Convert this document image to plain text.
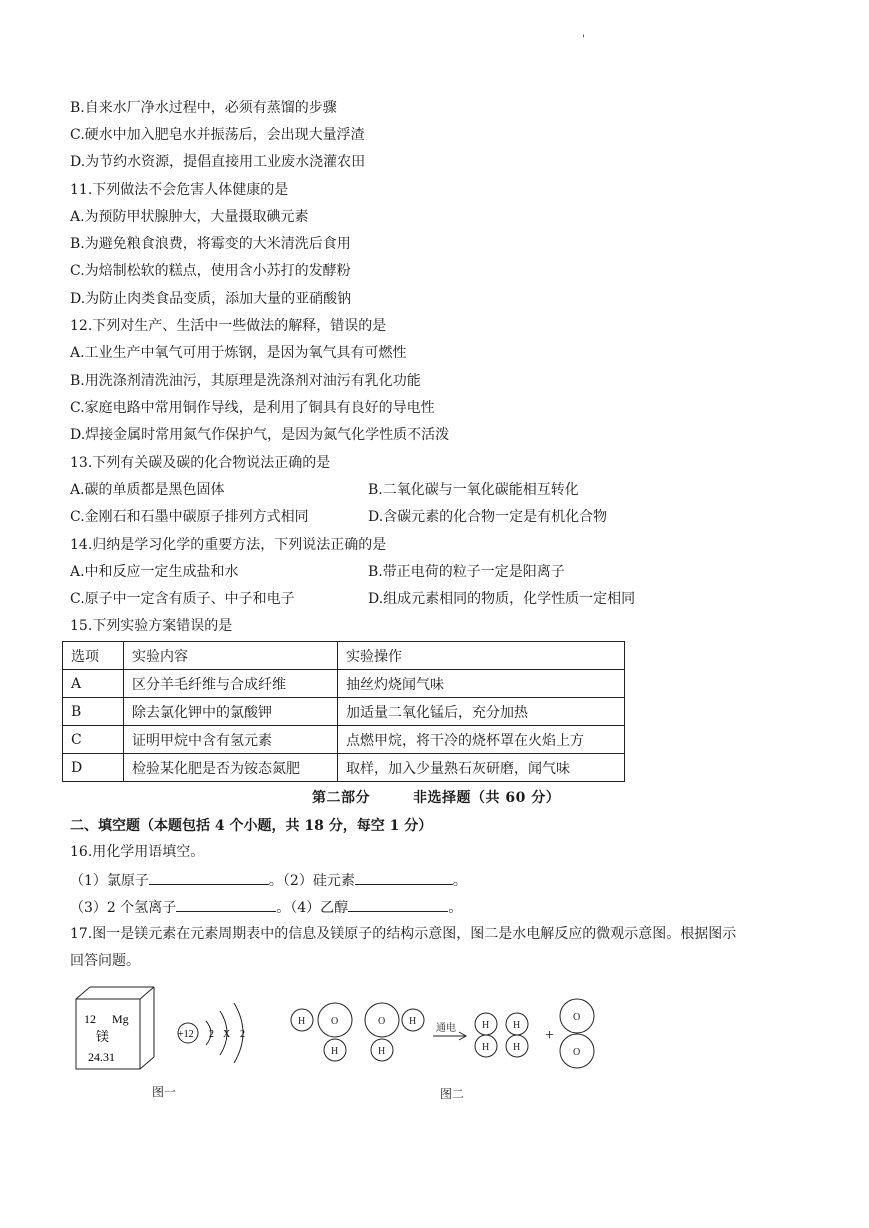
'
B.自来水厂净水过程中，必须有蒸馏的步骤
C.硬水中加入肥皂水并振荡后，会出现大量浮渣
D.为节约水资源，提倡直接用工业废水浇灌农田
11.下列做法不会危害人体健康的是
A.为预防甲状腺肿大，大量摄取碘元素
B.为避免粮食浪费，将霉变的大米清洗后食用
C.为焙制松软的糕点，使用含小苏打的发酵粉
D.为防止肉类食品变质，添加大量的亚硝酸钠
12.下列对生产、生活中一些做法的解释，错误的是
A.工业生产中氧气可用于炼钢，是因为氧气具有可燃性
B.用洗涤剂清洗油污，其原理是洗涤剂对油污有乳化功能
C.家庭电路中常用铜作导线，是利用了铜具有良好的导电性
D.焊接金属时常用氮气作保护气，是因为氮气化学性质不活泼
13.下列有关碳及碳的化合物说法正确的是
A.碳的单质都是黑色固体	B.二氧化碳与一氧化碳能相互转化
C.金刚石和石墨中碳原子排列方式相同	D.含碳元素的化合物一定是有机化合物
14.归纳是学习化学的重要方法，下列说法正确的是
A.中和反应一定生成盐和水	B.带正电荷的粒子一定是阳离子
C.原子中一定含有质子、中子和电子	D.组成元素相同的物质，化学性质一定相同
15.下列实验方案错误的是
选项	实验内容	实验操作
A	区分羊毛纤维与合成纤维	抽丝灼烧闻气味
B	除去氯化钾中的氯酸钾	加适量二氧化锰后，充分加热
C	证明甲烷中含有氢元素	点燃甲烷，将干冷的烧杯罩在火焰上方
D	检验某化肥是否为铵态氮肥	取样，加入少量熟石灰研磨，闻气味
第二部分        非选择题（共 60 分）
二、填空题（本题包括 4 个小题，共 18 分，每空 1 分）
16.用化学用语填空。
（1）氯原子	。（2）硅元素	。
（3）2 个氢离子	。（4）乙醇	。
17.图一是镁元素在元素周期表中的信息及镁原子的结构示意图，图二是水电解反应的微观示意图。根据图示
回答问题。
12 Mg
镁
24.31
+12 2 X 2
图一
O
H
H
O H
H
通电	H
H
H
H
+
O
O
图二
